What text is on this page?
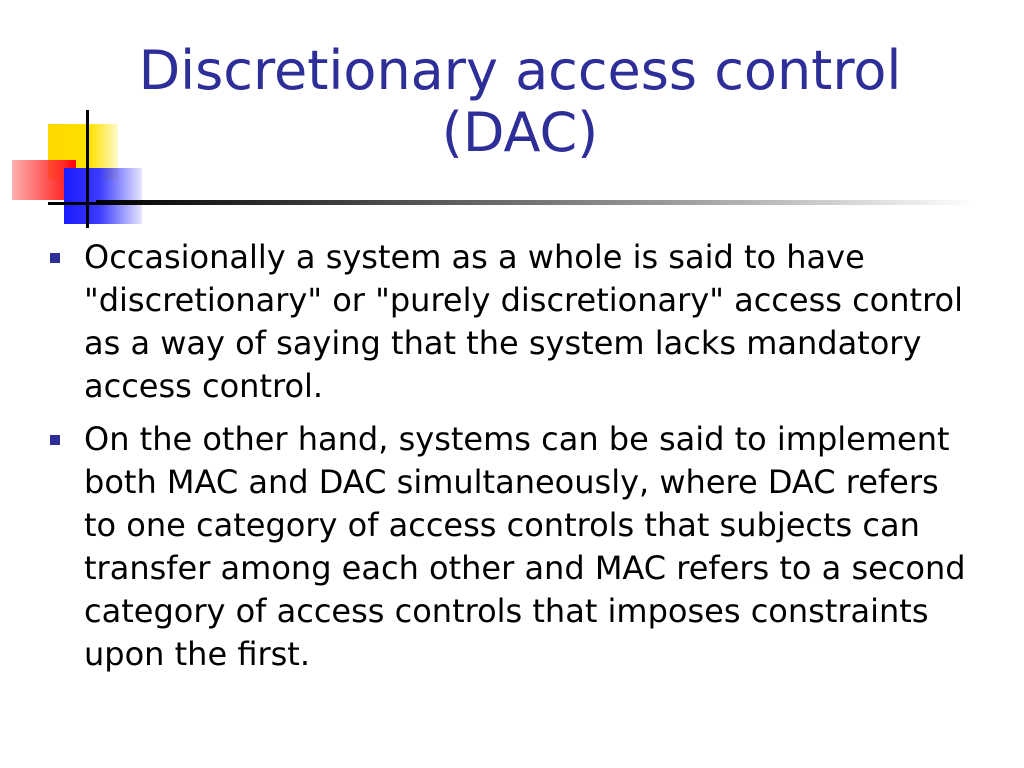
Discretionary access control
(DAC)
Occasionally a system as a whole is said to have "discretionary" or "purely discretionary" access control as a way of saying that the system lacks mandatory access control.
On the other hand, systems can be said to implement both MAC and DAC simultaneously, where DAC refers to one category of access controls that subjects can transfer among each other and MAC refers to a second category of access controls that imposes constraints upon the first.
